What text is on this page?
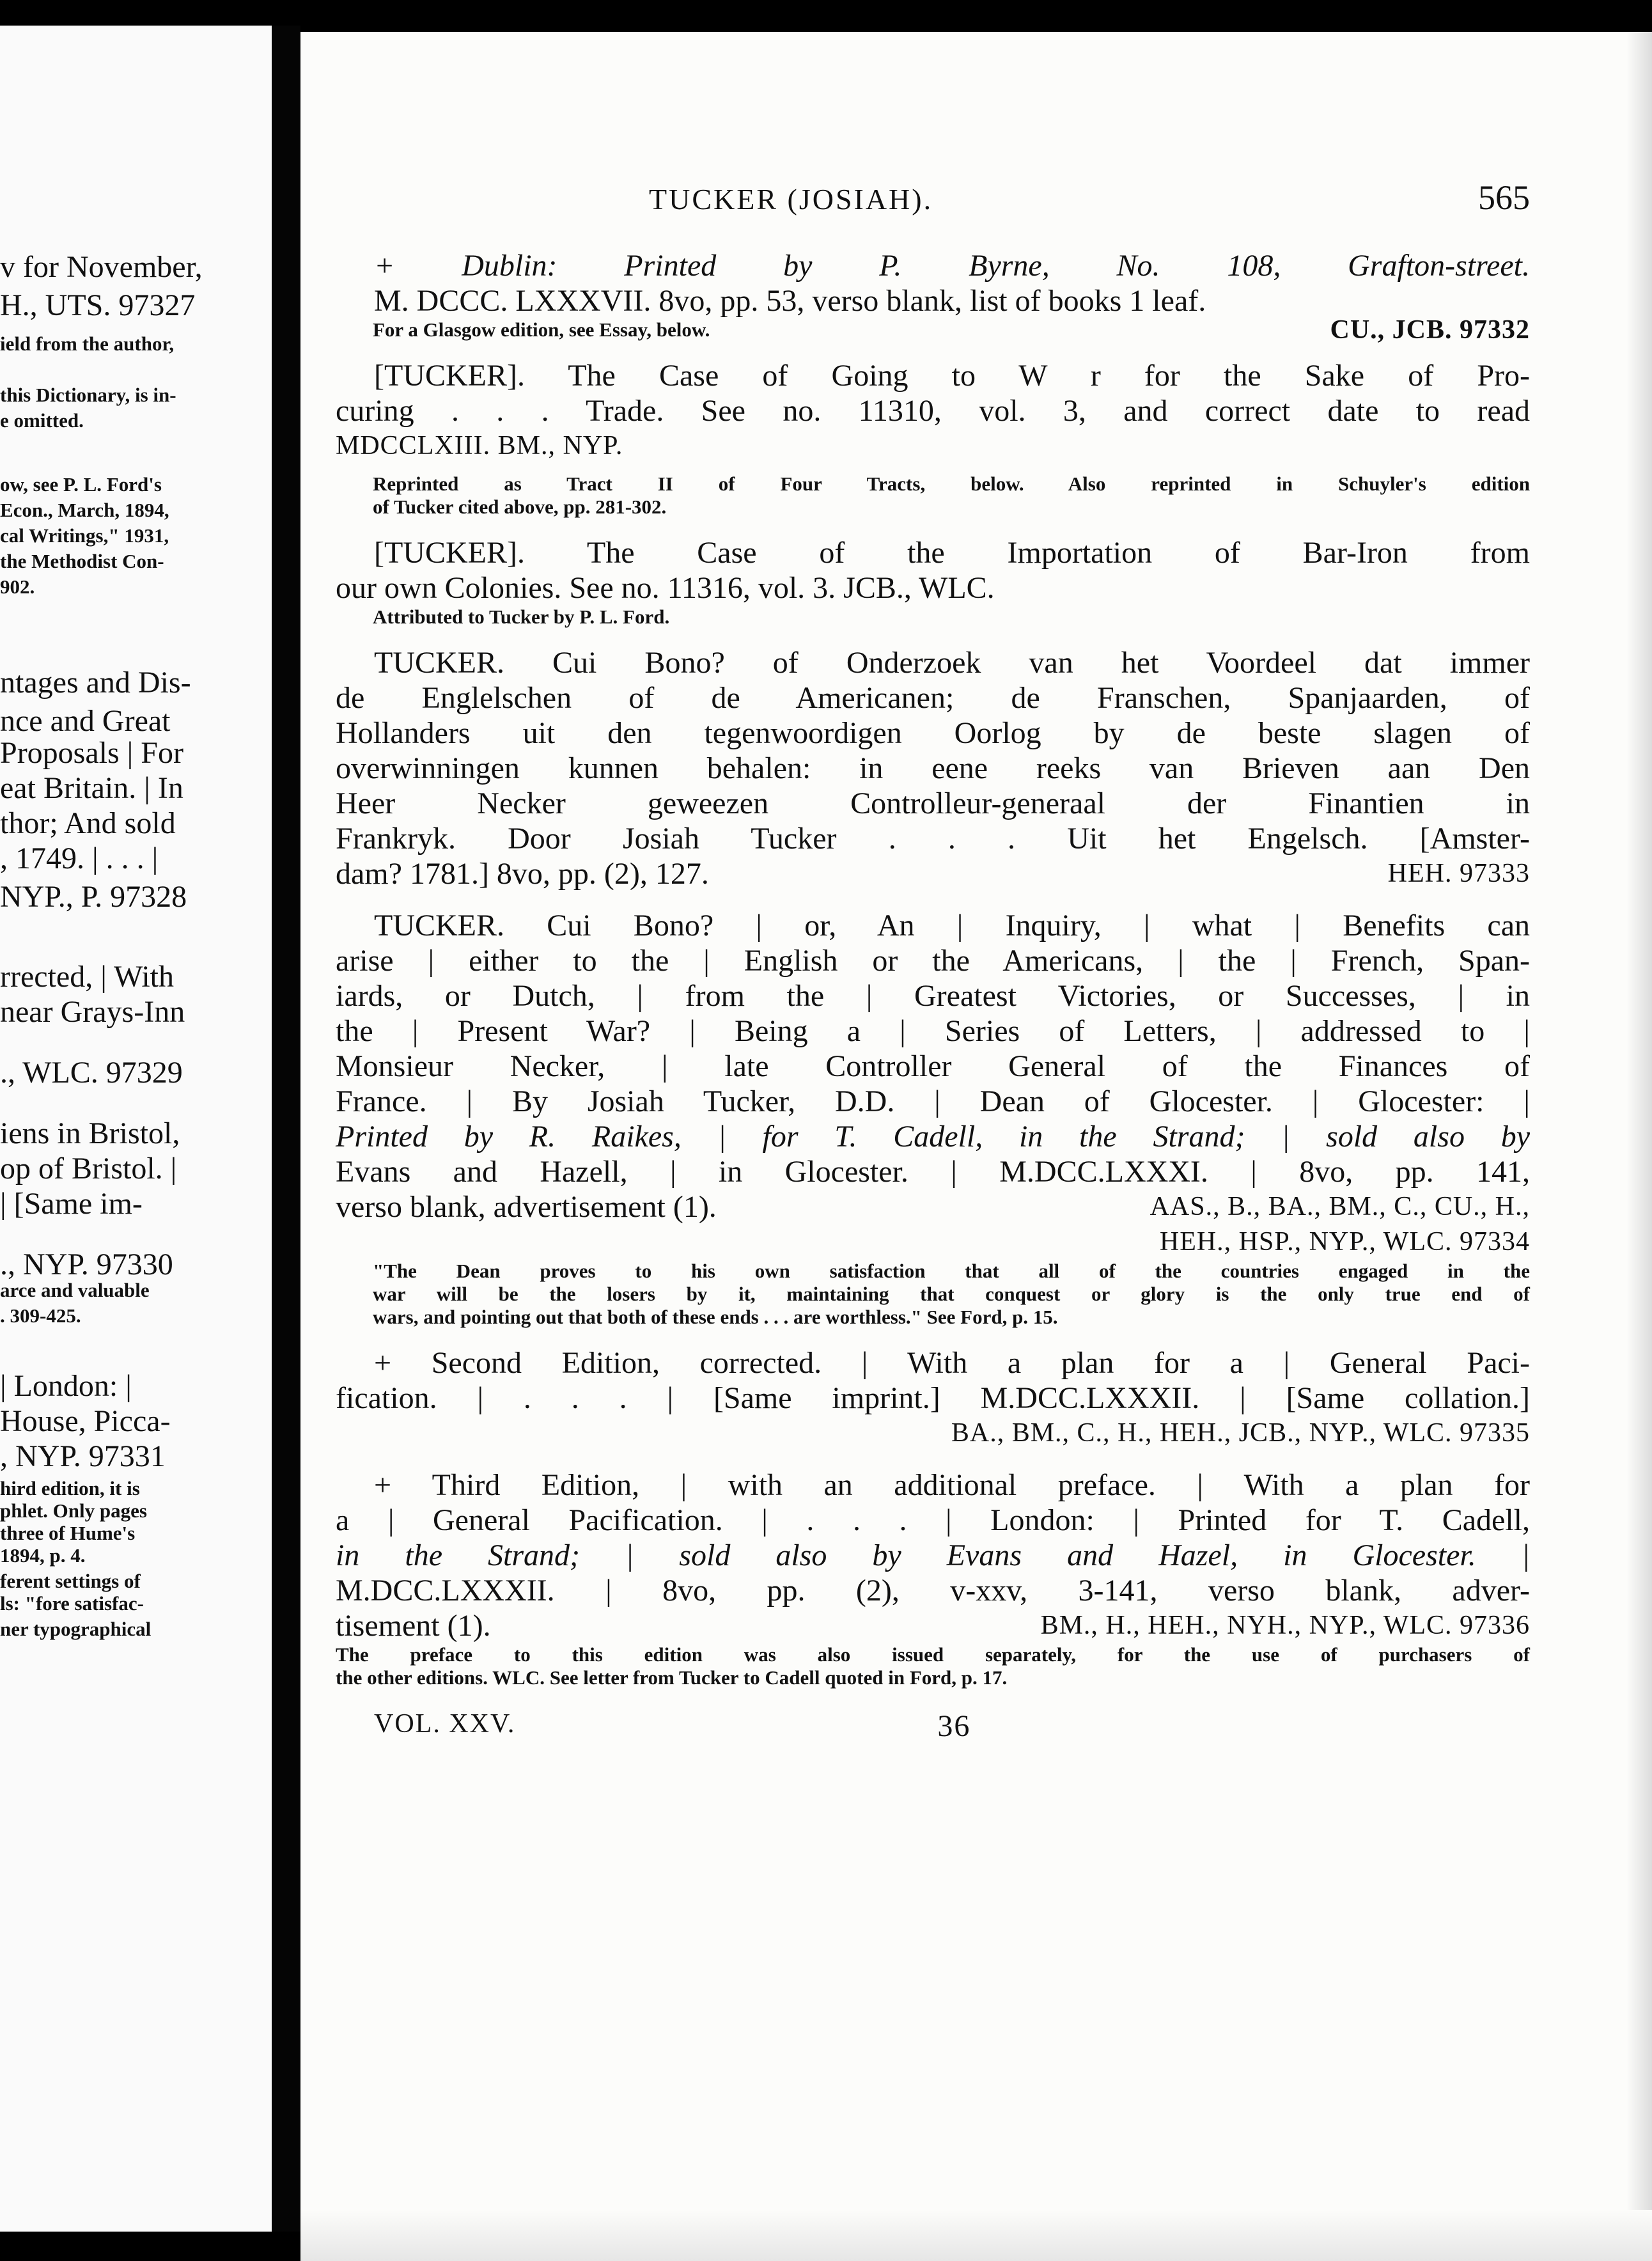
v for November,
H., UTS. 97327
ield from the author,
this Dictionary, is in-
e omitted.
ow, see P. L. Ford's
Econ., March, 1894,
cal Writings," 1931,
the Methodist Con-
902.
ntages and Dis-
nce and Great
Proposals | For
eat Britain. | In
thor; And sold
, 1749. | . . . |
NYP., P. 97328
rrected, | With
near Grays-Inn
., WLC. 97329
iens in Bristol,
op of Bristol. |
| [Same im-
., NYP. 97330
arce and valuable
. 309-425.
| London: |
House, Picca-
, NYP. 97331
hird edition, it is
phlet. Only pages
three of Hume's
1894, p. 4.
ferent settings of
ls: "fore satisfac-
ner typographical
TUCKER (JOSIAH).	565
+ Dublin: Printed by P. Byrne, No. 108, Grafton-street.
M. DCCC. LXXXVII. 8vo, pp. 53, verso blank, list of books 1 leaf.
For a Glasgow edition, see Essay, below.	CU., JCB. 97332
[TUCKER]. The Case of Going to W r for the Sake of Pro-
curing . . . Trade. See no. 11310, vol. 3, and correct date to read
MDCCLXIII. BM., NYP.
Reprinted as Tract II of Four Tracts, below. Also reprinted in Schuyler's edition
of Tucker cited above, pp. 281-302.
[TUCKER]. The Case of the Importation of Bar-Iron from
our own Colonies. See no. 11316, vol. 3. JCB., WLC.
Attributed to Tucker by P. L. Ford.
TUCKER. Cui Bono? of Onderzoek van het Voordeel dat immer
de Englelschen of de Americanen; de Franschen, Spanjaarden, of
Hollanders uit den tegenwoordigen Oorlog by de beste slagen of
overwinningen kunnen behalen: in eene reeks van Brieven aan Den
Heer Necker geweezen Controlleur-generaal der Finantien in
Frankryk. Door Josiah Tucker . . . Uit het Engelsch. [Amster-
dam? 1781.] 8vo, pp. (2), 127.	HEH. 97333
TUCKER. Cui Bono? | or, An | Inquiry, | what | Benefits can
arise | either to the | English or the Americans, | the | French, Span-
iards, or Dutch, | from the | Greatest Victories, or Successes, | in
the | Present War? | Being a | Series of Letters, | addressed to |
Monsieur Necker, | late Controller General of the Finances of
France. | By Josiah Tucker, D.D. | Dean of Glocester. | Glocester: |
Printed by R. Raikes, | for T. Cadell, in the Strand; | sold also by
Evans and Hazell, | in Glocester. | M.DCC.LXXXI. | 8vo, pp. 141,
verso blank, advertisement (1).	AAS., B., BA., BM., C., CU., H.,
HEH., HSP., NYP., WLC. 97334
"The Dean proves to his own satisfaction that all of the countries engaged in the
war will be the losers by it, maintaining that conquest or glory is the only true end of
wars, and pointing out that both of these ends . . . are worthless." See Ford, p. 15.
+ Second Edition, corrected. | With a plan for a | General Paci-
fication. | . . . | [Same imprint.] M.DCC.LXXXII. | [Same collation.]
BA., BM., C., H., HEH., JCB., NYP., WLC. 97335
+ Third Edition, | with an additional preface. | With a plan for
a | General Pacification. | . . . | London: | Printed for T. Cadell,
in the Strand; | sold also by Evans and Hazel, in Glocester. |
M.DCC.LXXXII. | 8vo, pp. (2), v-xxv, 3-141, verso blank, adver-
tisement (1).	BM., H., HEH., NYH., NYP., WLC. 97336
The preface to this edition was also issued separately, for the use of purchasers of
the other editions. WLC. See letter from Tucker to Cadell quoted in Ford, p. 17.
VOL. XXV.	36
